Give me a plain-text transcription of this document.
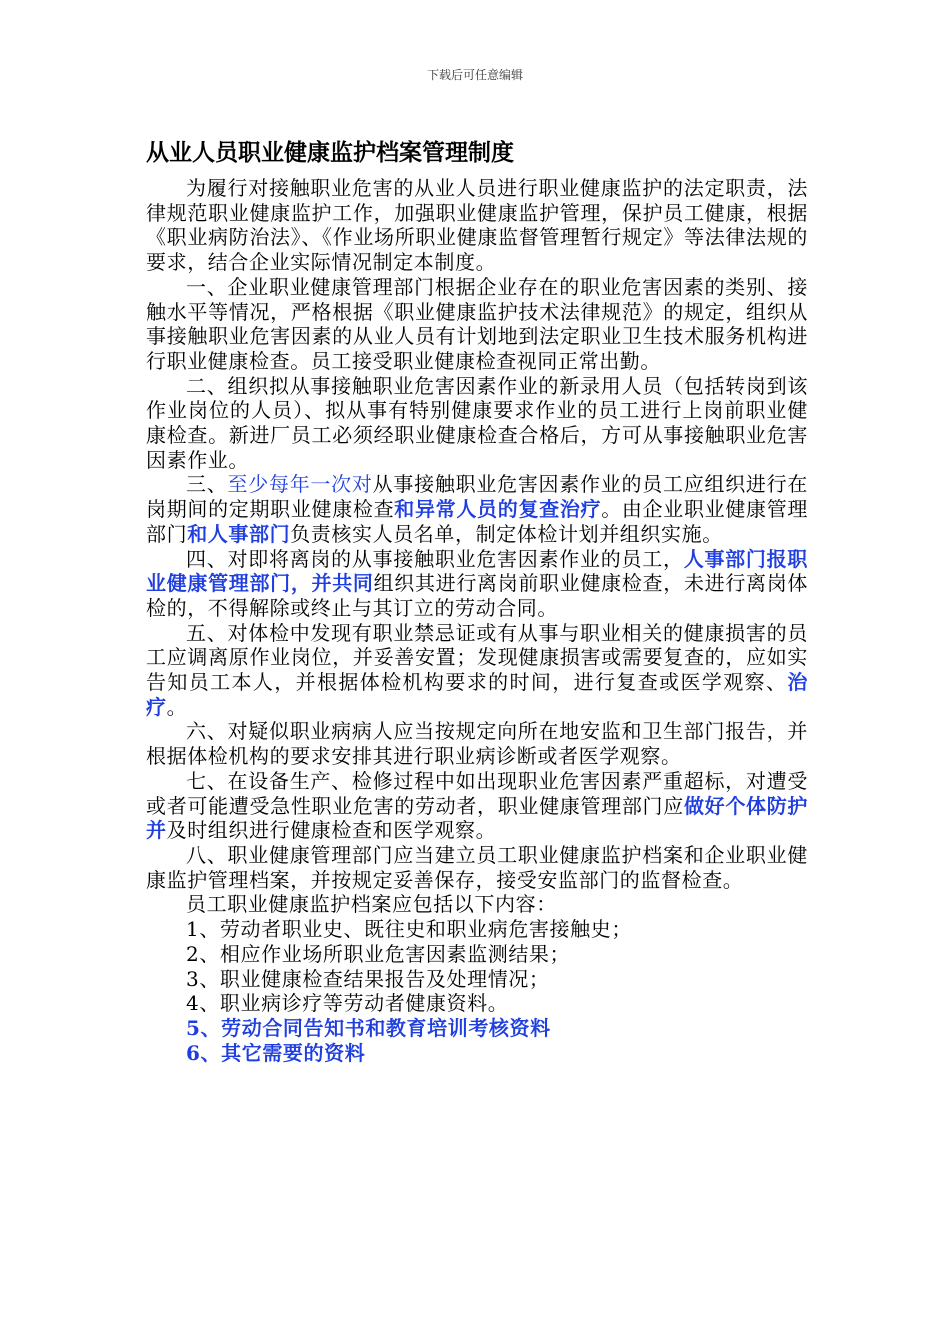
下载后可任意编辑
从业人员职业健康监护档案管理制度

为履行对接触职业危害的从业人员进行职业健康监护的法定职责，法律规范职业健康监护工作，加强职业健康监护管理，保护员工健康，根据《职业病防治法》、《作业场所职业健康监督管理暂行规定》等法律法规的要求，结合企业实际情况制定本制度。

一、企业职业健康管理部门根据企业存在的职业危害因素的类别、接触水平等情况，严格根据《职业健康监护技术法律规范》的规定，组织从事接触职业危害因素的从业人员有计划地到法定职业卫生技术服务机构进行职业健康检查。员工接受职业健康检查视同正常出勤。

二、组织拟从事接触职业危害因素作业的新录用人员（包括转岗到该作业岗位的人员）、拟从事有特别健康要求作业的员工进行上岗前职业健康检查。新进厂员工必须经职业健康检查合格后，方可从事接触职业危害因素作业。

三、至少每年一次对从事接触职业危害因素作业的员工应组织进行在岗期间的定期职业健康检查和异常人员的复查治疗。由企业职业健康管理部门和人事部门负责核实人员名单，制定体检计划并组织实施。

四、对即将离岗的从事接触职业危害因素作业的员工，人事部门报职业健康管理部门，并共同组织其进行离岗前职业健康检查，未进行离岗体检的，不得解除或终止与其订立的劳动合同。

五、对体检中发现有职业禁忌证或有从事与职业相关的健康损害的员工应调离原作业岗位，并妥善安置；发现健康损害或需要复查的，应如实告知员工本人，并根据体检机构要求的时间，进行复查或医学观察、治疗。

六、对疑似职业病病人应当按规定向所在地安监和卫生部门报告，并根据体检机构的要求安排其进行职业病诊断或者医学观察。

七、在设备生产、检修过程中如出现职业危害因素严重超标，对遭受或者可能遭受急性职业危害的劳动者，职业健康管理部门应做好个体防护并及时组织进行健康检查和医学观察。

八、职业健康管理部门应当建立员工职业健康监护档案和企业职业健康监护管理档案，并按规定妥善保存，接受安监部门的监督检查。

员工职业健康监护档案应包括以下内容：

1、劳动者职业史、既往史和职业病危害接触史；

2、相应作业场所职业危害因素监测结果；

3、职业健康检查结果报告及处理情况；

4、职业病诊疗等劳动者健康资料。

5、劳动合同告知书和教育培训考核资料

6、其它需要的资料
